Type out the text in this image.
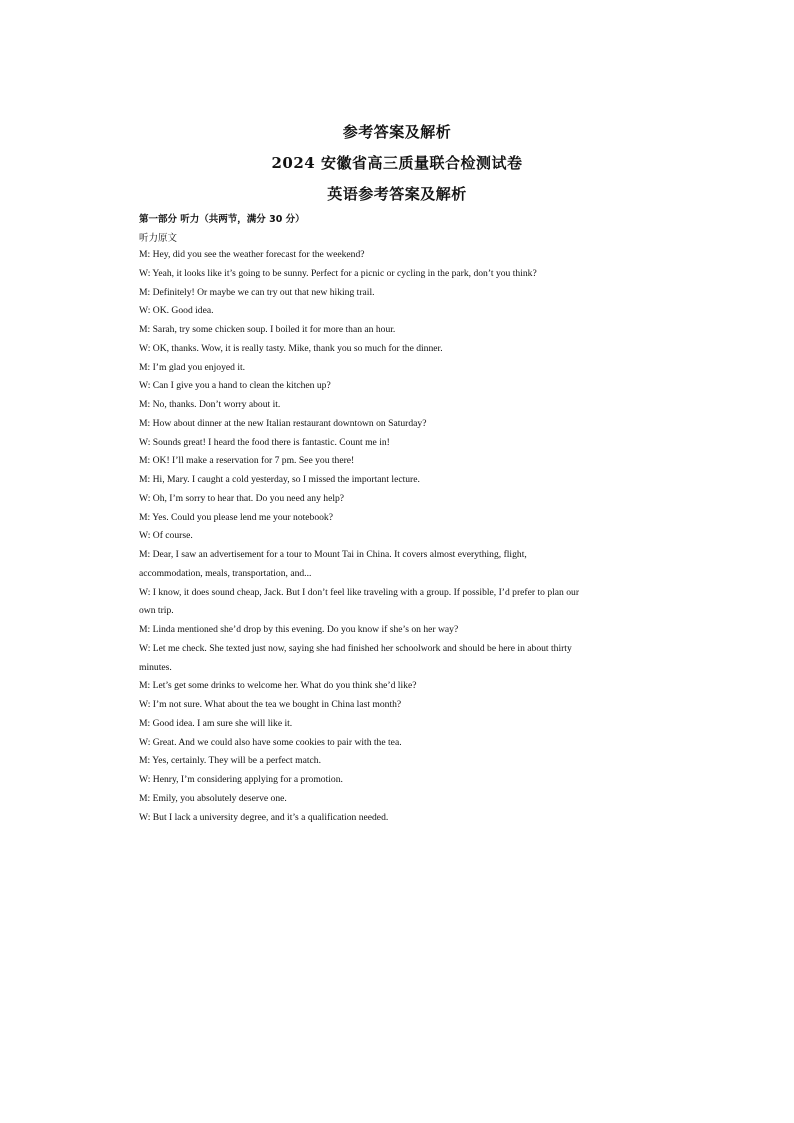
参考答案及解析
2024 安徽省高三质量联合检测试卷
英语参考答案及解析
第一部分 听力（共两节，满分 30 分）
听力原文
M: Hey, did you see the weather forecast for the weekend?
W: Yeah, it looks like it’s going to be sunny. Perfect for a picnic or cycling in the park, don’t you think?
M: Definitely! Or maybe we can try out that new hiking trail.
W: OK. Good idea.
M: Sarah, try some chicken soup. I boiled it for more than an hour.
W: OK, thanks. Wow, it is really tasty. Mike, thank you so much for the dinner.
M: I’m glad you enjoyed it.
W: Can I give you a hand to clean the kitchen up?
M: No, thanks. Don’t worry about it.
M: How about dinner at the new Italian restaurant downtown on Saturday?
W: Sounds great! I heard the food there is fantastic. Count me in!
M: OK! I’ll make a reservation for 7 pm. See you there!
M: Hi, Mary. I caught a cold yesterday, so I missed the important lecture.
W: Oh, I’m sorry to hear that. Do you need any help?
M: Yes. Could you please lend me your notebook?
W: Of course.
M: Dear, I saw an advertisement for a tour to Mount Tai in China. It covers almost everything, flight,
accommodation, meals, transportation, and...
W: I know, it does sound cheap, Jack. But I don’t feel like traveling with a group. If possible, I’d prefer to plan our
own trip.
M: Linda mentioned she’d drop by this evening. Do you know if she’s on her way?
W: Let me check. She texted just now, saying she had finished her schoolwork and should be here in about thirty
minutes.
M: Let’s get some drinks to welcome her. What do you think she’d like?
W: I’m not sure. What about the tea we bought in China last month?
M: Good idea. I am sure she will like it.
W: Great. And we could also have some cookies to pair with the tea.
M: Yes, certainly. They will be a perfect match.
W: Henry, I’m considering applying for a promotion.
M: Emily, you absolutely deserve one.
W: But I lack a university degree, and it’s a qualification needed.
